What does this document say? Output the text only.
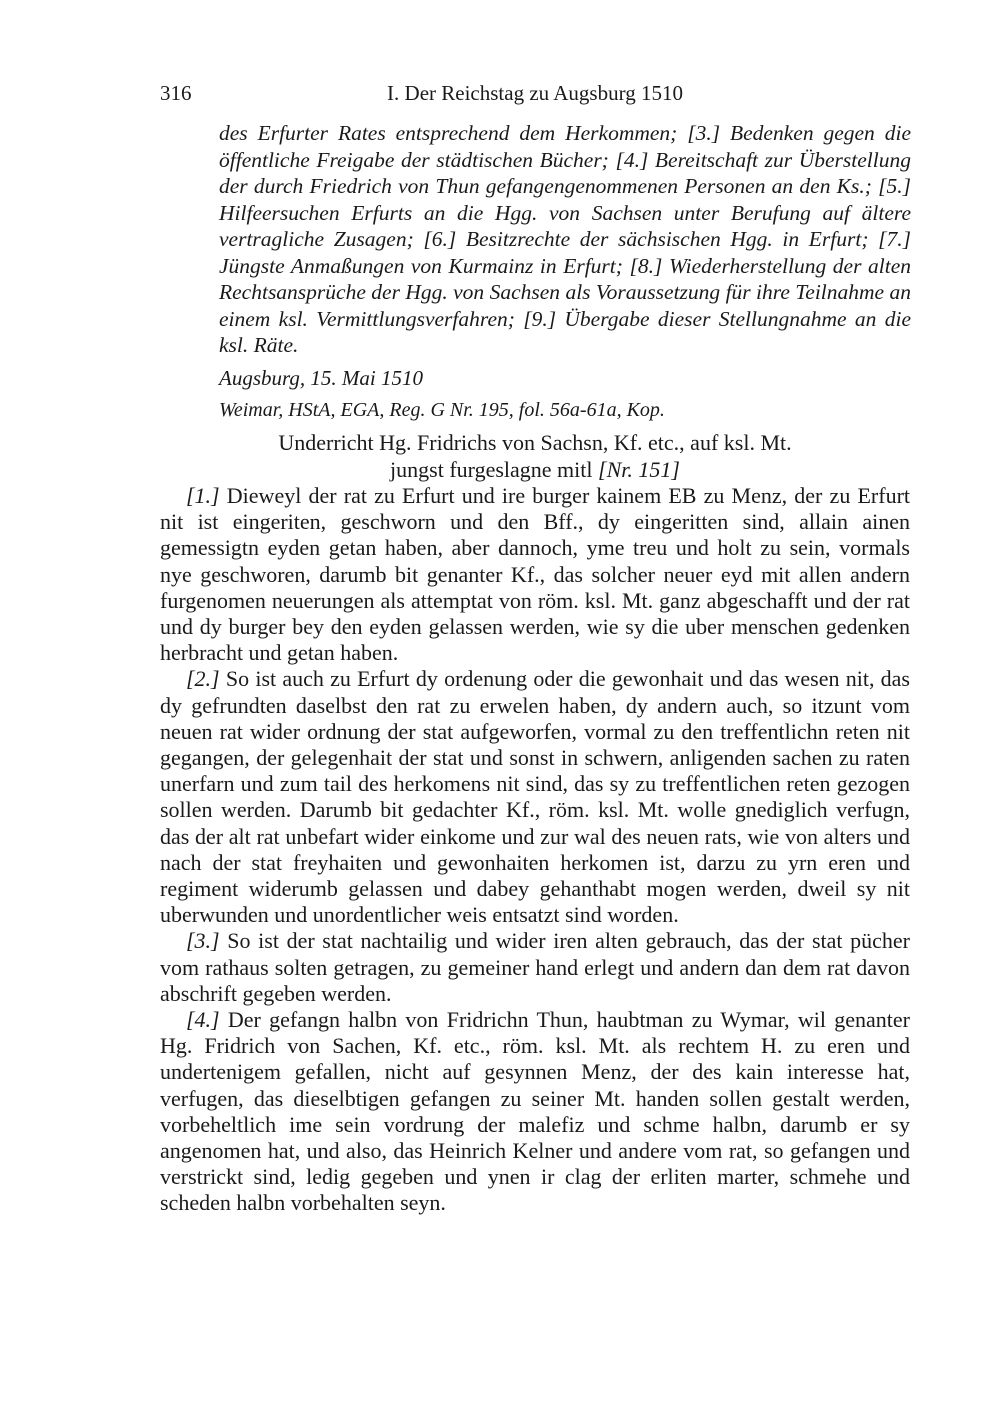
316	I. Der Reichstag zu Augsburg 1510

des Erfurter Rates entsprechend dem Herkommen; [3.] Bedenken gegen die öffentliche Freigabe der städtischen Bücher; [4.] Bereitschaft zur Überstellung der durch Friedrich von Thun gefangengenommenen Personen an den Ks.; [5.] Hilfeersuchen Erfurts an die Hgg. von Sachsen unter Berufung auf ältere vertragliche Zusagen; [6.] Besitzrechte der sächsischen Hgg. in Erfurt; [7.] Jüngste Anmaßungen von Kurmainz in Erfurt; [8.] Wiederherstellung der alten Rechtsansprüche der Hgg. von Sachsen als Voraussetzung für ihre Teilnahme an einem ksl. Vermittlungsverfahren; [9.] Übergabe dieser Stellungnahme an die ksl. Räte.

Augsburg, 15. Mai 1510

Weimar, HStA, EGA, Reg. G Nr. 195, fol. 56a-61a, Kop.

Underricht Hg. Fridrichs von Sachsn, Kf. etc., auf ksl. Mt.
jungst furgeslagne mitl [Nr. 151]

[1.] Dieweyl der rat zu Erfurt und ire burger kainem EB zu Menz, der zu Erfurt nit ist eingeriten, geschworn und den Bff., dy eingeritten sind, allain ainen gemessigtn eyden getan haben, aber dannoch, yme treu und holt zu sein, vormals nye geschworen, darumb bit genanter Kf., das solcher neuer eyd mit allen andern furgenomen neuerungen als attemptat von röm. ksl. Mt. ganz abgeschafft und der rat und dy burger bey den eyden gelassen werden, wie sy die uber menschen gedenken herbracht und getan haben.

[2.] So ist auch zu Erfurt dy ordenung oder die gewonhait und das wesen nit, das dy gefrundten daselbst den rat zu erwelen haben, dy andern auch, so itzunt vom neuen rat wider ordnung der stat aufgeworfen, vormal zu den treffentlichn reten nit gegangen, der gelegenhait der stat und sonst in schwern, anligenden sachen zu raten unerfarn und zum tail des herkomens nit sind, das sy zu treffentlichen reten gezogen sollen werden. Darumb bit gedachter Kf., röm. ksl. Mt. wolle gnediglich verfugn, das der alt rat unbefart wider einkome und zur wal des neuen rats, wie von alters und nach der stat freyhaiten und gewonhaiten herkomen ist, darzu zu yrn eren und regiment widerumb gelassen und dabey gehanthabt mogen werden, dweil sy nit uberwunden und unordentlicher weis entsatzt sind worden.

[3.] So ist der stat nachtailig und wider iren alten gebrauch, das der stat pücher vom rathaus solten getragen, zu gemeiner hand erlegt und andern dan dem rat davon abschrift gegeben werden.

[4.] Der gefangn halbn von Fridrichn Thun, haubtman zu Wymar, wil genanter Hg. Fridrich von Sachen, Kf. etc., röm. ksl. Mt. als rechtem H. zu eren und undertenigem gefallen, nicht auf gesynnen Menz, der des kain interesse hat, verfugen, das dieselbtigen gefangen zu seiner Mt. handen sollen gestalt werden, vorbeheltlich ime sein vordrung der malefiz und schme halbn, darumb er sy angenomen hat, und also, das Heinrich Kelner und andere vom rat, so gefangen und verstrickt sind, ledig gegeben und ynen ir clag der erliten marter, schmehe und scheden halbn vorbehalten seyn.
